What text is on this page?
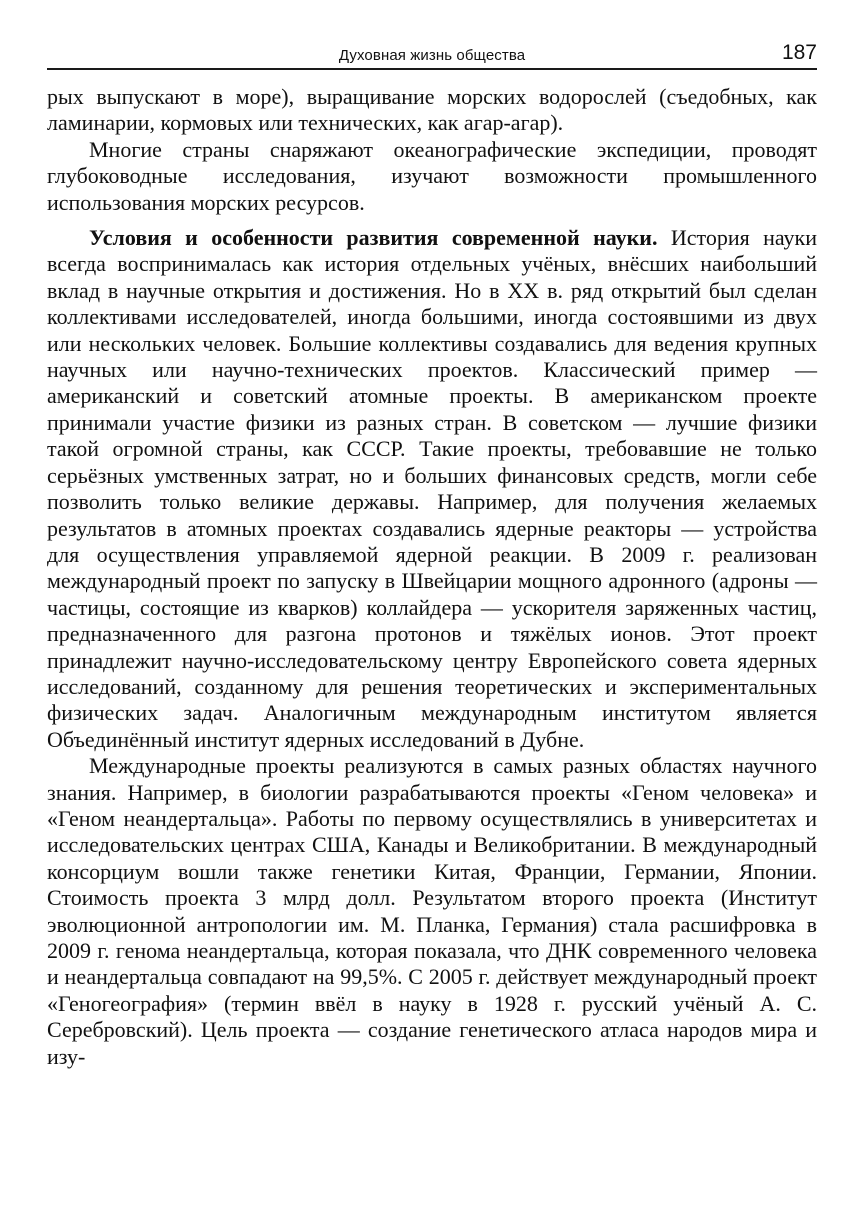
Духовная жизнь общества	187

рых выпускают в море), выращивание морских водорослей (съедобных, как ламинарии, кормовых или технических, как агар-агар).

Многие страны снаряжают океанографические экспедиции, проводят глубоководные исследования, изучают возможности промышленного использования морских ресурсов.

Условия и особенности развития современной науки. История науки всегда воспринималась как история отдельных учёных, внёсших наибольший вклад в научные открытия и достижения. Но в XX в. ряд открытий был сделан коллективами исследователей, иногда большими, иногда состоявшими из двух или нескольких человек. Большие коллективы создавались для ведения крупных научных или научно-технических проектов. Классический пример — американский и советский атомные проекты. В американском проекте принимали участие физики из разных стран. В советском — лучшие физики такой огромной страны, как СССР. Такие проекты, требовавшие не только серьёзных умственных затрат, но и больших финансовых средств, могли себе позволить только великие державы. Например, для получения желаемых результатов в атомных проектах создавались ядерные реакторы — устройства для осуществления управляемой ядерной реакции. В 2009 г. реализован международный проект по запуску в Швейцарии мощного адронного (адроны — частицы, состоящие из кварков) коллайдера — ускорителя заряженных частиц, предназначенного для разгона протонов и тяжёлых ионов. Этот проект принадлежит научно-исследовательскому центру Европейского совета ядерных исследований, созданному для решения теоретических и экспериментальных физических задач. Аналогичным международным институтом является Объединённый институт ядерных исследований в Дубне.

Международные проекты реализуются в самых разных областях научного знания. Например, в биологии разрабатываются проекты «Геном человека» и «Геном неандертальца». Работы по первому осуществлялись в университетах и исследовательских центрах США, Канады и Великобритании. В международный консорциум вошли также генетики Китая, Франции, Германии, Японии. Стоимость проекта 3 млрд долл. Результатом второго проекта (Институт эволюционной антропологии им. М. Планка, Германия) стала расшифровка в 2009 г. генома неандертальца, которая показала, что ДНК современного человека и неандертальца совпадают на 99,5%. С 2005 г. действует международный проект «Геногеография» (термин ввёл в науку в 1928 г. русский учёный А. С. Серебровский). Цель проекта — создание генетического атласа народов мира и изу-
